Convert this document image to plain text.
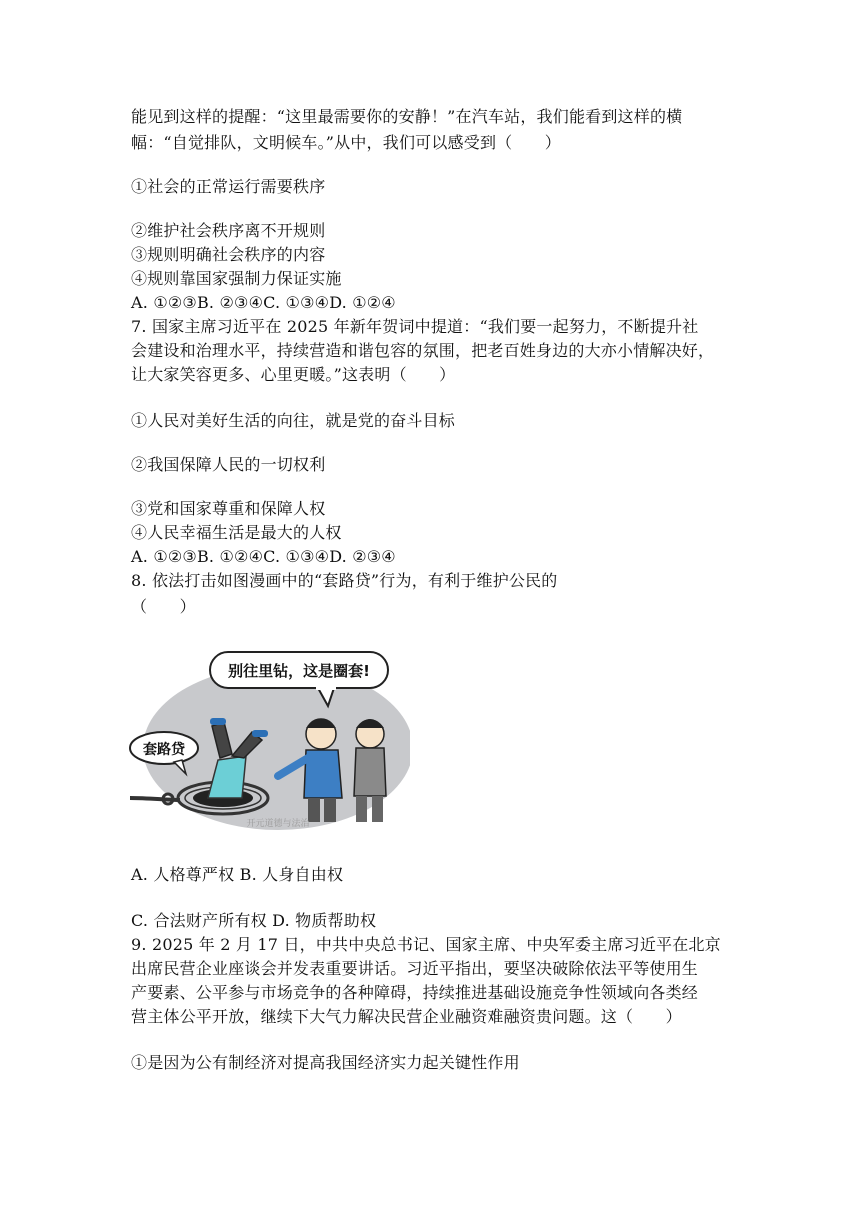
能见到这样的提醒：“这里最需要你的安静！”在汽车站，我们能看到这样的横
幅：“自觉排队，文明候车。”从中，我们可以感受到（　　）
①社会的正常运行需要秩序
②维护社会秩序离不开规则
③规则明确社会秩序的内容
④规则靠国家强制力保证实施
A. ①②③B. ②③④C. ①③④D. ①②④
7. 国家主席习近平在 2025 年新年贺词中提道：“我们要一起努力，不断提升社
会建设和治理水平，持续营造和谐包容的氛围，把老百姓身边的大亦小情解决好，
让大家笑容更多、心里更暖。”这表明（　　）
①人民对美好生活的向往，就是党的奋斗目标
②我国保障人民的一切权利
③党和国家尊重和保障人权
④人民幸福生活是最大的人权
A. ①②③B. ①②④C. ①③④D. ②③④
8. 依法打击如图漫画中的“套路贷”行为，有利于维护公民的
（　　）
别往里钻，这是圈套!
套路贷
开元道德与法治
A. 人格尊严权 B. 人身自由权
C. 合法财产所有权 D. 物质帮助权
9. 2025 年 2 月 17 日，中共中央总书记、国家主席、中央军委主席习近平在北京
出席民营企业座谈会并发表重要讲话。习近平指出，要坚决破除依法平等使用生
产要素、公平参与市场竞争的各种障碍，持续推进基础设施竞争性领域向各类经
营主体公平开放，继续下大气力解决民营企业融资难融资贵问题。这（　　）
①是因为公有制经济对提高我国经济实力起关键性作用
